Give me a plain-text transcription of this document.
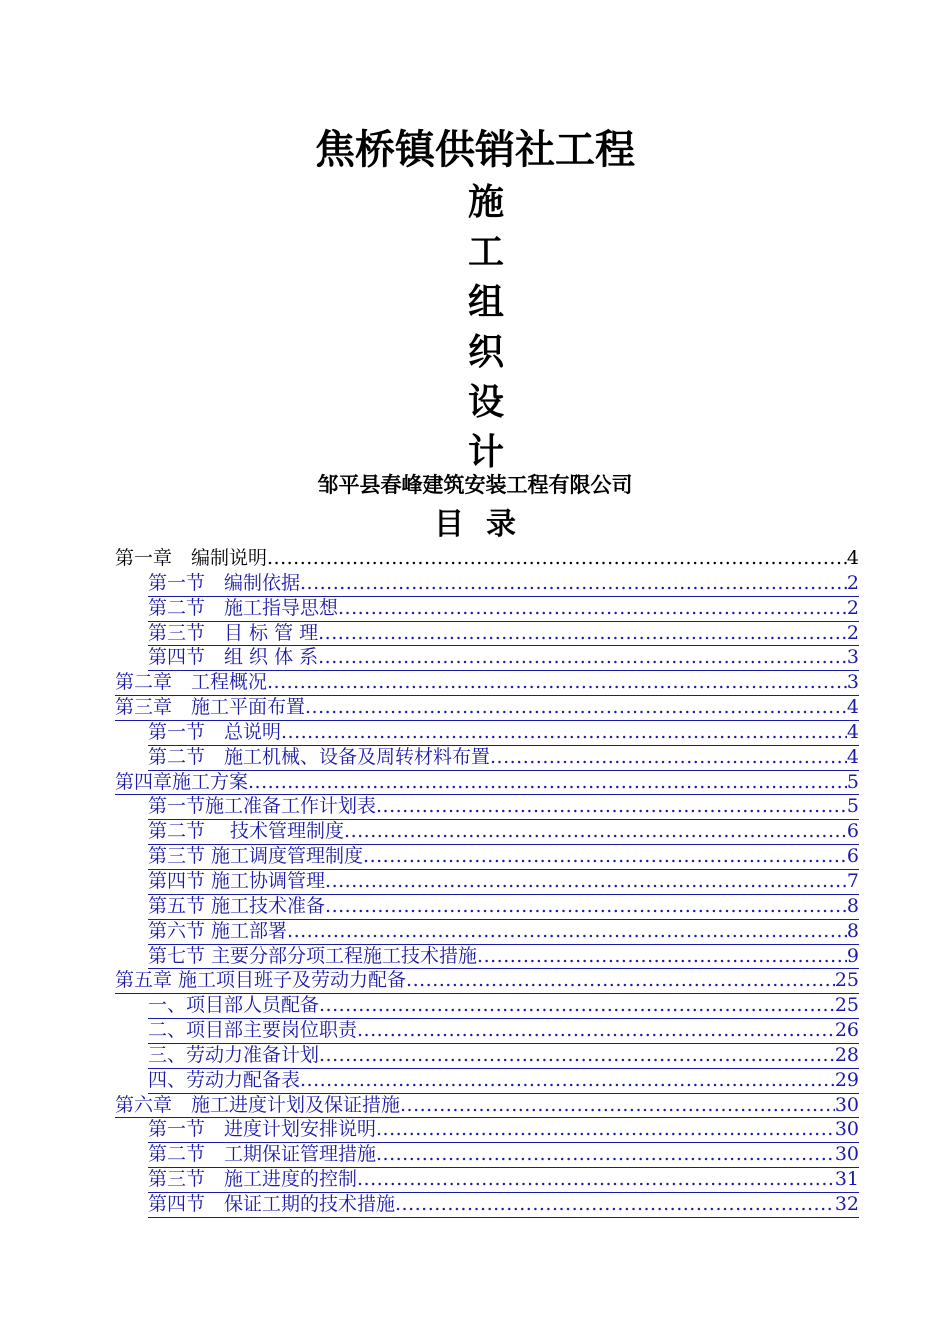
焦桥镇供销社工程
施
工
组
织
设
计
邹平县春峰建筑安装工程有限公司
目录
第一章　编制说明 .....	4
第一节　编制依据 .....	2
第二节　施工指导思想 .....	2
第三节　目 标 管 理 .....	2
第四节　组 织 体 系 .....	3
第二章　工程概况 .....	3
第三章　施工平面布置 .....	4
第一节　总说明 .....	4
第二节　施工机械、设备及周转材料布置 .....	4
第四章施工方案 .....	5
第一节施工准备工作计划表 .....	5
第二节　 技术管理制度 .....	6
第三节 施工调度管理制度 .....	6
第四节 施工协调管理 .....	7
第五节 施工技术准备 .....	8
第六节 施工部署 .....	8
第七节 主要分部分项工程施工技术措施 .....	9
第五章 施工项目班子及劳动力配备 .....	25
一、项目部人员配备 .....	25
二、项目部主要岗位职责 .....	26
三、劳动力准备计划 .....	28
四、劳动力配备表 .....	29
第六章　施工进度计划及保证措施 .....	30
第一节　进度计划安排说明 .....	30
第二节　工期保证管理措施 .....	30
第三节　施工进度的控制 .....	31
第四节　保证工期的技术措施 .....	32
